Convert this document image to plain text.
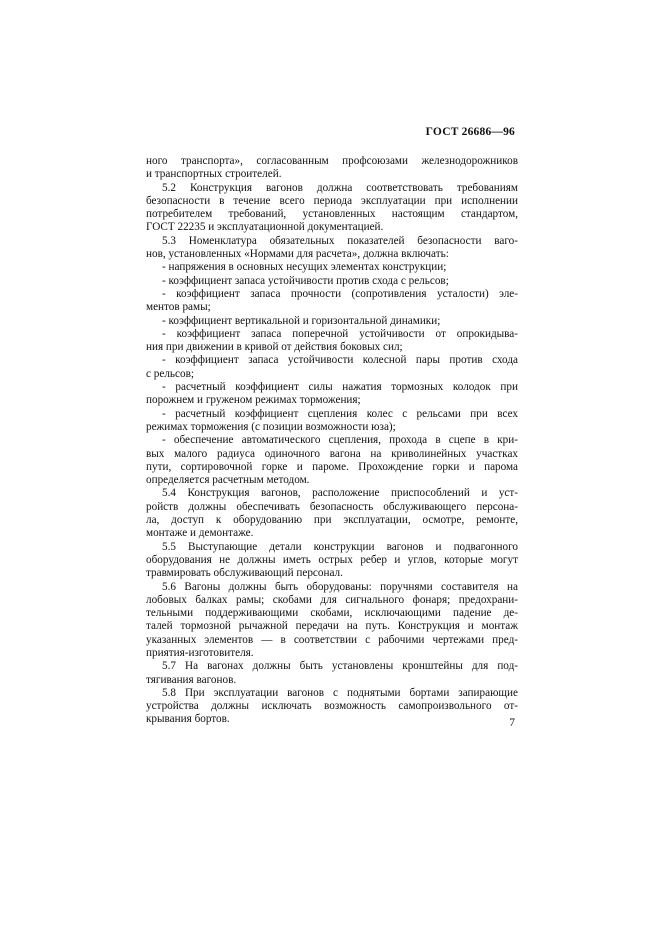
ГОСТ 26686—96
ного транспорта», согласованным профсоюзами железнодорожников
и транспортных строителей.
5.2 Конструкция вагонов должна соответствовать требованиям
безопасности в течение всего периода эксплуатации при исполнении
потребителем требований, установленных настоящим стандартом,
ГОСТ 22235 и эксплуатационной документацией.
5.3 Номенклатура обязательных показателей безопасности ваго-
нов, установленных «Нормами для расчета», должна включать:
- напряжения в основных несущих элементах конструкции;
- коэффициент запаса устойчивости против схода с рельсов;
- коэффициент запаса прочности (сопротивления усталости) эле-
ментов рамы;
- коэффициент вертикальной и горизонтальной динамики;
- коэффициент запаса поперечной устойчивости от опрокидыва-
ния при движении в кривой от действия боковых сил;
- коэффициент запаса устойчивости колесной пары против схода
с рельсов;
- расчетный коэффициент силы нажатия тормозных колодок при
порожнем и груженом режимах торможения;
- расчетный коэффициент сцепления колес с рельсами при всех
режимах торможения (с позиции возможности юза);
- обеспечение автоматического сцепления, прохода в сцепе в кри-
вых малого радиуса одиночного вагона на криволинейных участках
пути, сортировочной горке и пароме. Прохождение горки и парома
определяется расчетным методом.
5.4 Конструкция вагонов, расположение приспособлений и уст-
ройств должны обеспечивать безопасность обслуживающего персона-
ла, доступ к оборудованию при эксплуатации, осмотре, ремонте,
монтаже и демонтаже.
5.5 Выступающие детали конструкции вагонов и подвагонного
оборудования не должны иметь острых ребер и углов, которые могут
травмировать обслуживающий персонал.
5.6 Вагоны должны быть оборудованы: поручнями составителя на
лобовых балках рамы; скобами для сигнального фонаря; предохрани-
тельными поддерживающими скобами, исключающими падение де-
талей тормозной рычажной передачи на путь. Конструкция и монтаж
указанных элементов — в соответствии с рабочими чертежами пред-
приятия-изготовителя.
5.7 На вагонах должны быть установлены кронштейны для под-
тягивания вагонов.
5.8 При эксплуатации вагонов с поднятыми бортами запирающие
устройства должны исключать возможность самопроизвольного от-
крывания бортов.	7
